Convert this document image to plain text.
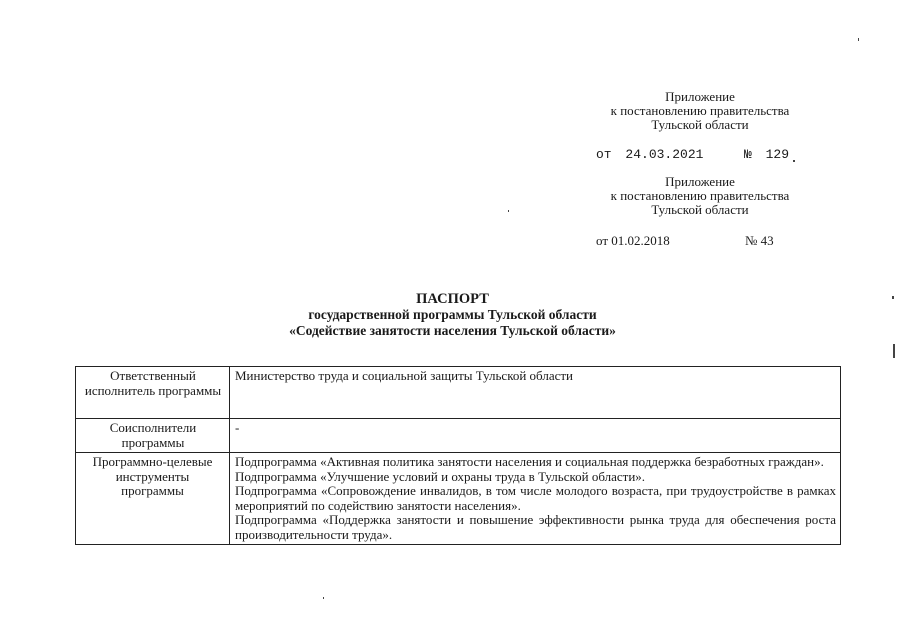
Приложение
к постановлению правительства
Тульской области
от 24.03.2021	№ 129
Приложение
к постановлению правительства
Тульской области
от 01.02.2018	№ 43
ПАСПОРТ
государственной программы Тульской области
«Содействие занятости населения Тульской области»
Ответственный исполнитель программы	Министерство труда и социальной защиты Тульской области

Соисполнители программы	-

Программно-целевые инструменты программы	Подпрограмма «Активная политика занятости населения и социальная поддержка безработных граждан».

Подпрограмма «Улучшение условий и охраны труда в Тульской области».

Подпрограмма «Сопровождение инвалидов, в том числе молодого возраста, при трудоустройстве в рамках мероприятий по содействию занятости населения».

Подпрограмма «Поддержка занятости и повышение эффективности рынка труда для обеспечения роста производительности труда».
